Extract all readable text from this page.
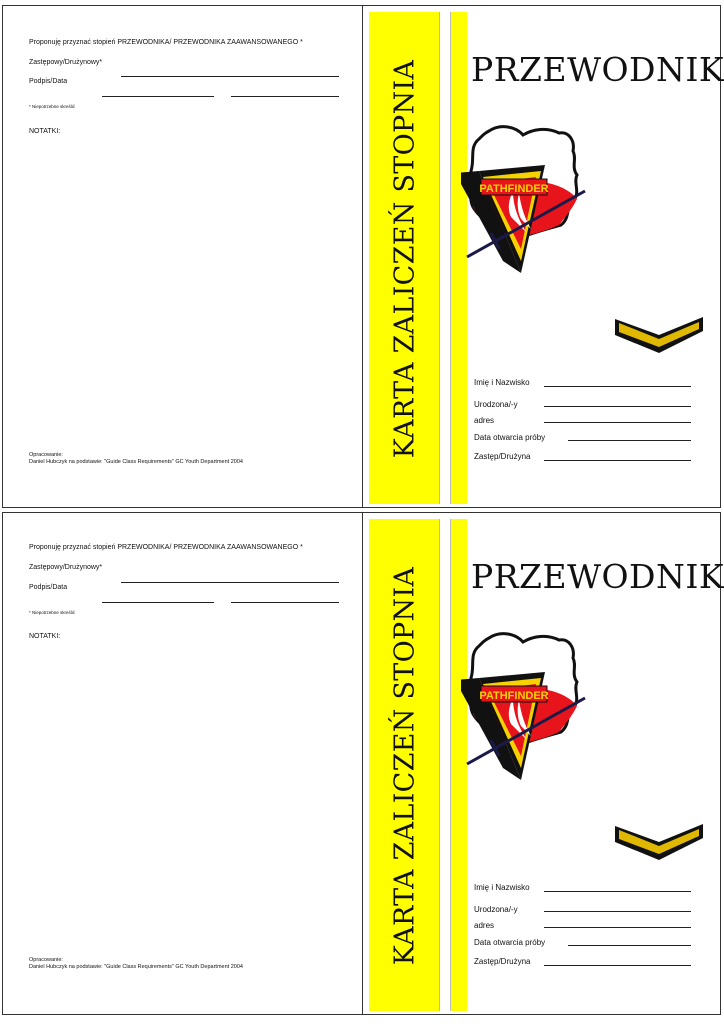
Proponuję przyznać stopień PRZEWODNIKA/ PRZEWODNIKA ZAAWANSOWANEGO *
Zastępowy/Drużynowy*
Podpis/Data
* Niepotrzebne skreślić
NOTATKI:
Opracowanie:
Daniel Hubczyk na podstawie: "Guide Class Requirements" GC Youth Department 2004
KARTA ZALICZEŃ STOPNIA PRZEWODNIK
PATHFINDER
Imię i Nazwisko
Urodzona/-y
adres
Data otwarcia próby
Zastęp/Drużyna
Proponuję przyznać stopień PRZEWODNIKA/ PRZEWODNIKA ZAAWANSOWANEGO *
Zastępowy/Drużynowy*
Podpis/Data
* Niepotrzebne skreślić
NOTATKI:
Opracowanie:
Daniel Hubczyk na podstawie: "Guide Class Requirements" GC Youth Department 2004
KARTA ZALICZEŃ STOPNIA PRZEWODNIK
PATHFINDER
Imię i Nazwisko
Urodzona/-y
adres
Data otwarcia próby
Zastęp/Drużyna
